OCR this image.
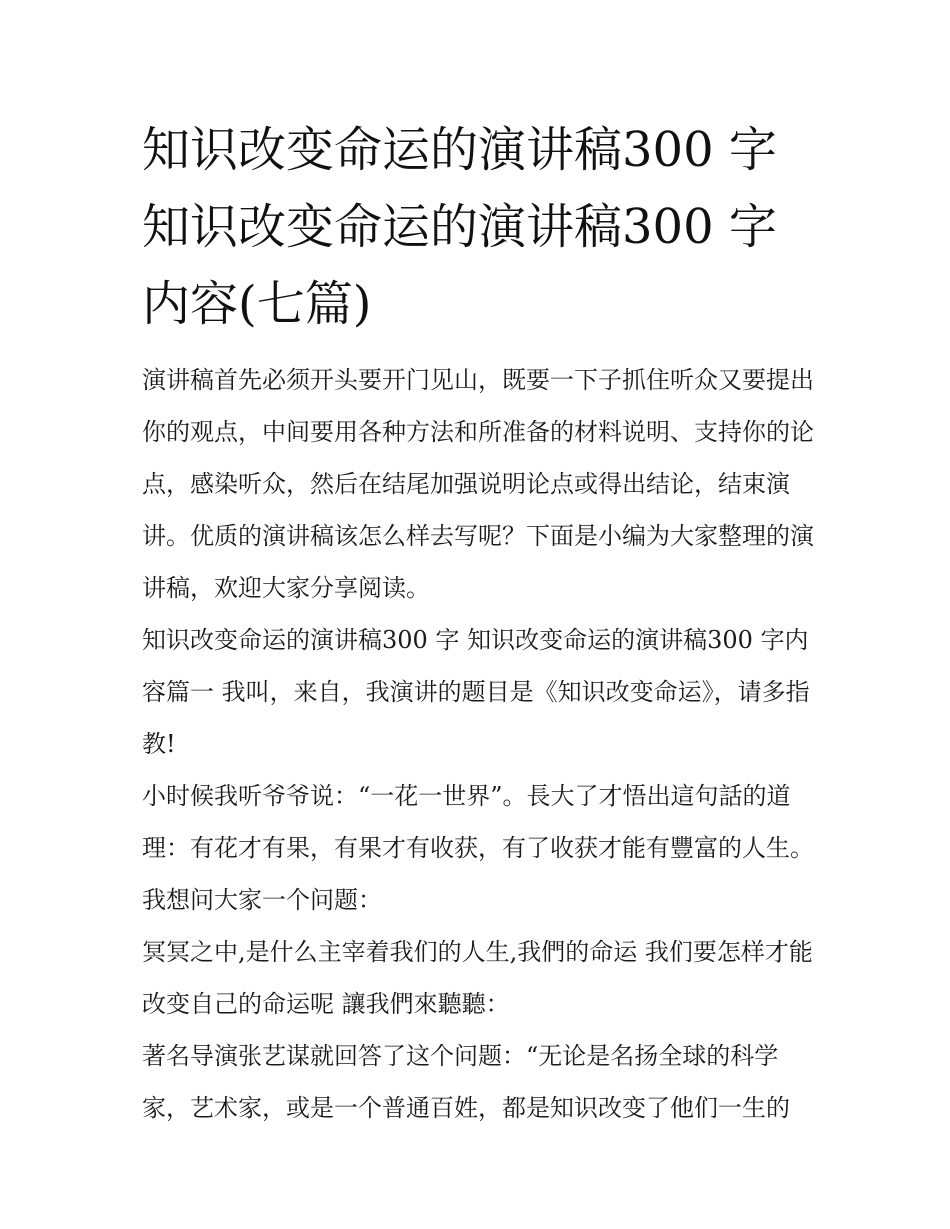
知识改变命运的演讲稿300 字
知识改变命运的演讲稿300 字
内容(七篇)

演讲稿首先必须开头要开门见山，既要一下子抓住听众又要提出你的观点，中间要用各种方法和所准备的材料说明、支持你的论点，感染听众，然后在结尾加强说明论点或得出结论，结束演讲。优质的演讲稿该怎么样去写呢？下面是小编为大家整理的演讲稿，欢迎大家分享阅读。

知识改变命运的演讲稿300 字 知识改变命运的演讲稿300 字内容篇一 我叫，来自，我演讲的题目是《知识改变命运》，请多指教!

小时候我听爷爷说：“一花一世界”。長大了才悟出這句話的道理：有花才有果，有果才有收获，有了收获才能有豐富的人生。我想问大家一个问题：

冥冥之中,是什么主宰着我们的人生,我們的命运 我们要怎样才能改变自己的命运呢 讓我們來聽聽：

著名导演张艺谋就回答了这个问题：“无论是名扬全球的科学家，艺术家，或是一个普通百姓，都是知识改变了他们一生的
